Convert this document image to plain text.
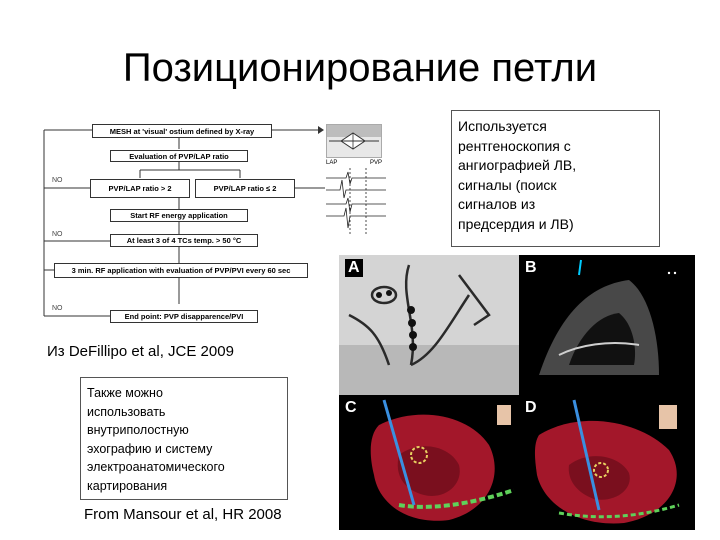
Позиционирование петли
MESH at 'visual' ostium defined by X-ray
Evaluation of PVP/LAP ratio
PVP/LAP ratio > 2	PVP/LAP ratio ≤ 2
Start RF energy application
At least 3 of 4 TCs temp. > 50 °C
3 min. RF application with evaluation of PVP/PVI every 60 sec
End point: PVP disapparence/PVI
NO
NO
NO
LAP	PVP
Из DeFillipo et al, JCE 2009
Используется
рентгеноскопия с
ангиографией ЛВ,
сигналы (поиск
сигналов из
предсердия и ЛВ)
Также можно
использовать
внутриполостную
эхографию и систему
электроанатомического
картирования
From Mansour et al, HR 2008
A	B
C	D
